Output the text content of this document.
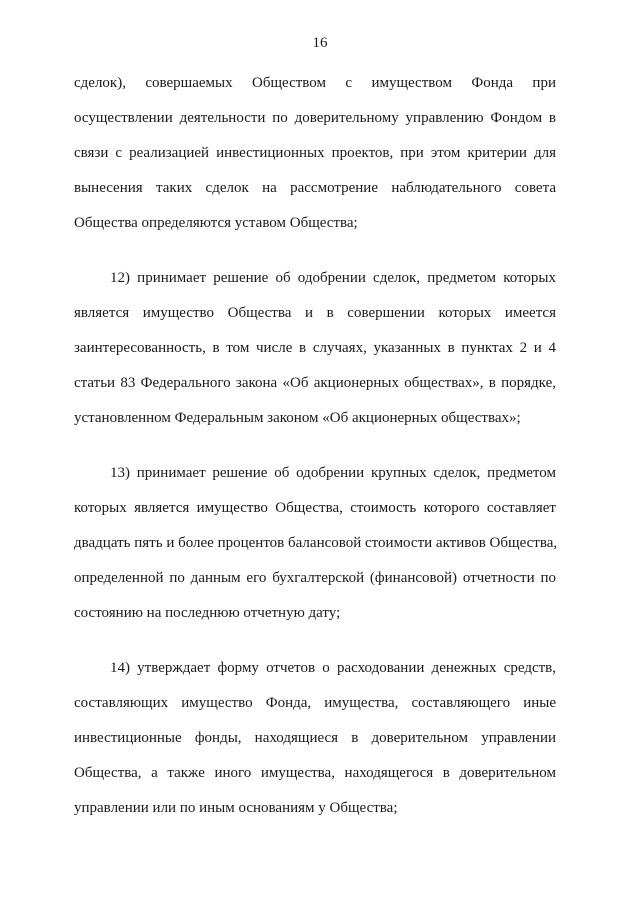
16
сделок), совершаемых Обществом с имуществом Фонда при
осуществлении деятельности по доверительному управлению Фондом в
связи с реализацией инвестиционных проектов, при этом критерии для
вынесения таких сделок на рассмотрение наблюдательного совета
Общества определяются уставом Общества;
12) принимает решение об одобрении сделок, предметом которых
является имущество Общества и в совершении которых имеется
заинтересованность, в том числе в случаях, указанных в пунктах 2 и 4
статьи 83 Федерального закона «Об акционерных обществах», в порядке,
установленном Федеральным законом «Об акционерных обществах»;
13) принимает решение об одобрении крупных сделок, предметом
которых является имущество Общества, стоимость которого составляет
двадцать пять и более процентов балансовой стоимости активов Общества,
определенной по данным его бухгалтерской (финансовой) отчетности по
состоянию на последнюю отчетную дату;
14) утверждает форму отчетов о расходовании денежных средств,
составляющих имущество Фонда, имущества, составляющего иные
инвестиционные фонды, находящиеся в доверительном управлении
Общества, а также иного имущества, находящегося в доверительном
управлении или по иным основаниям у Общества;
